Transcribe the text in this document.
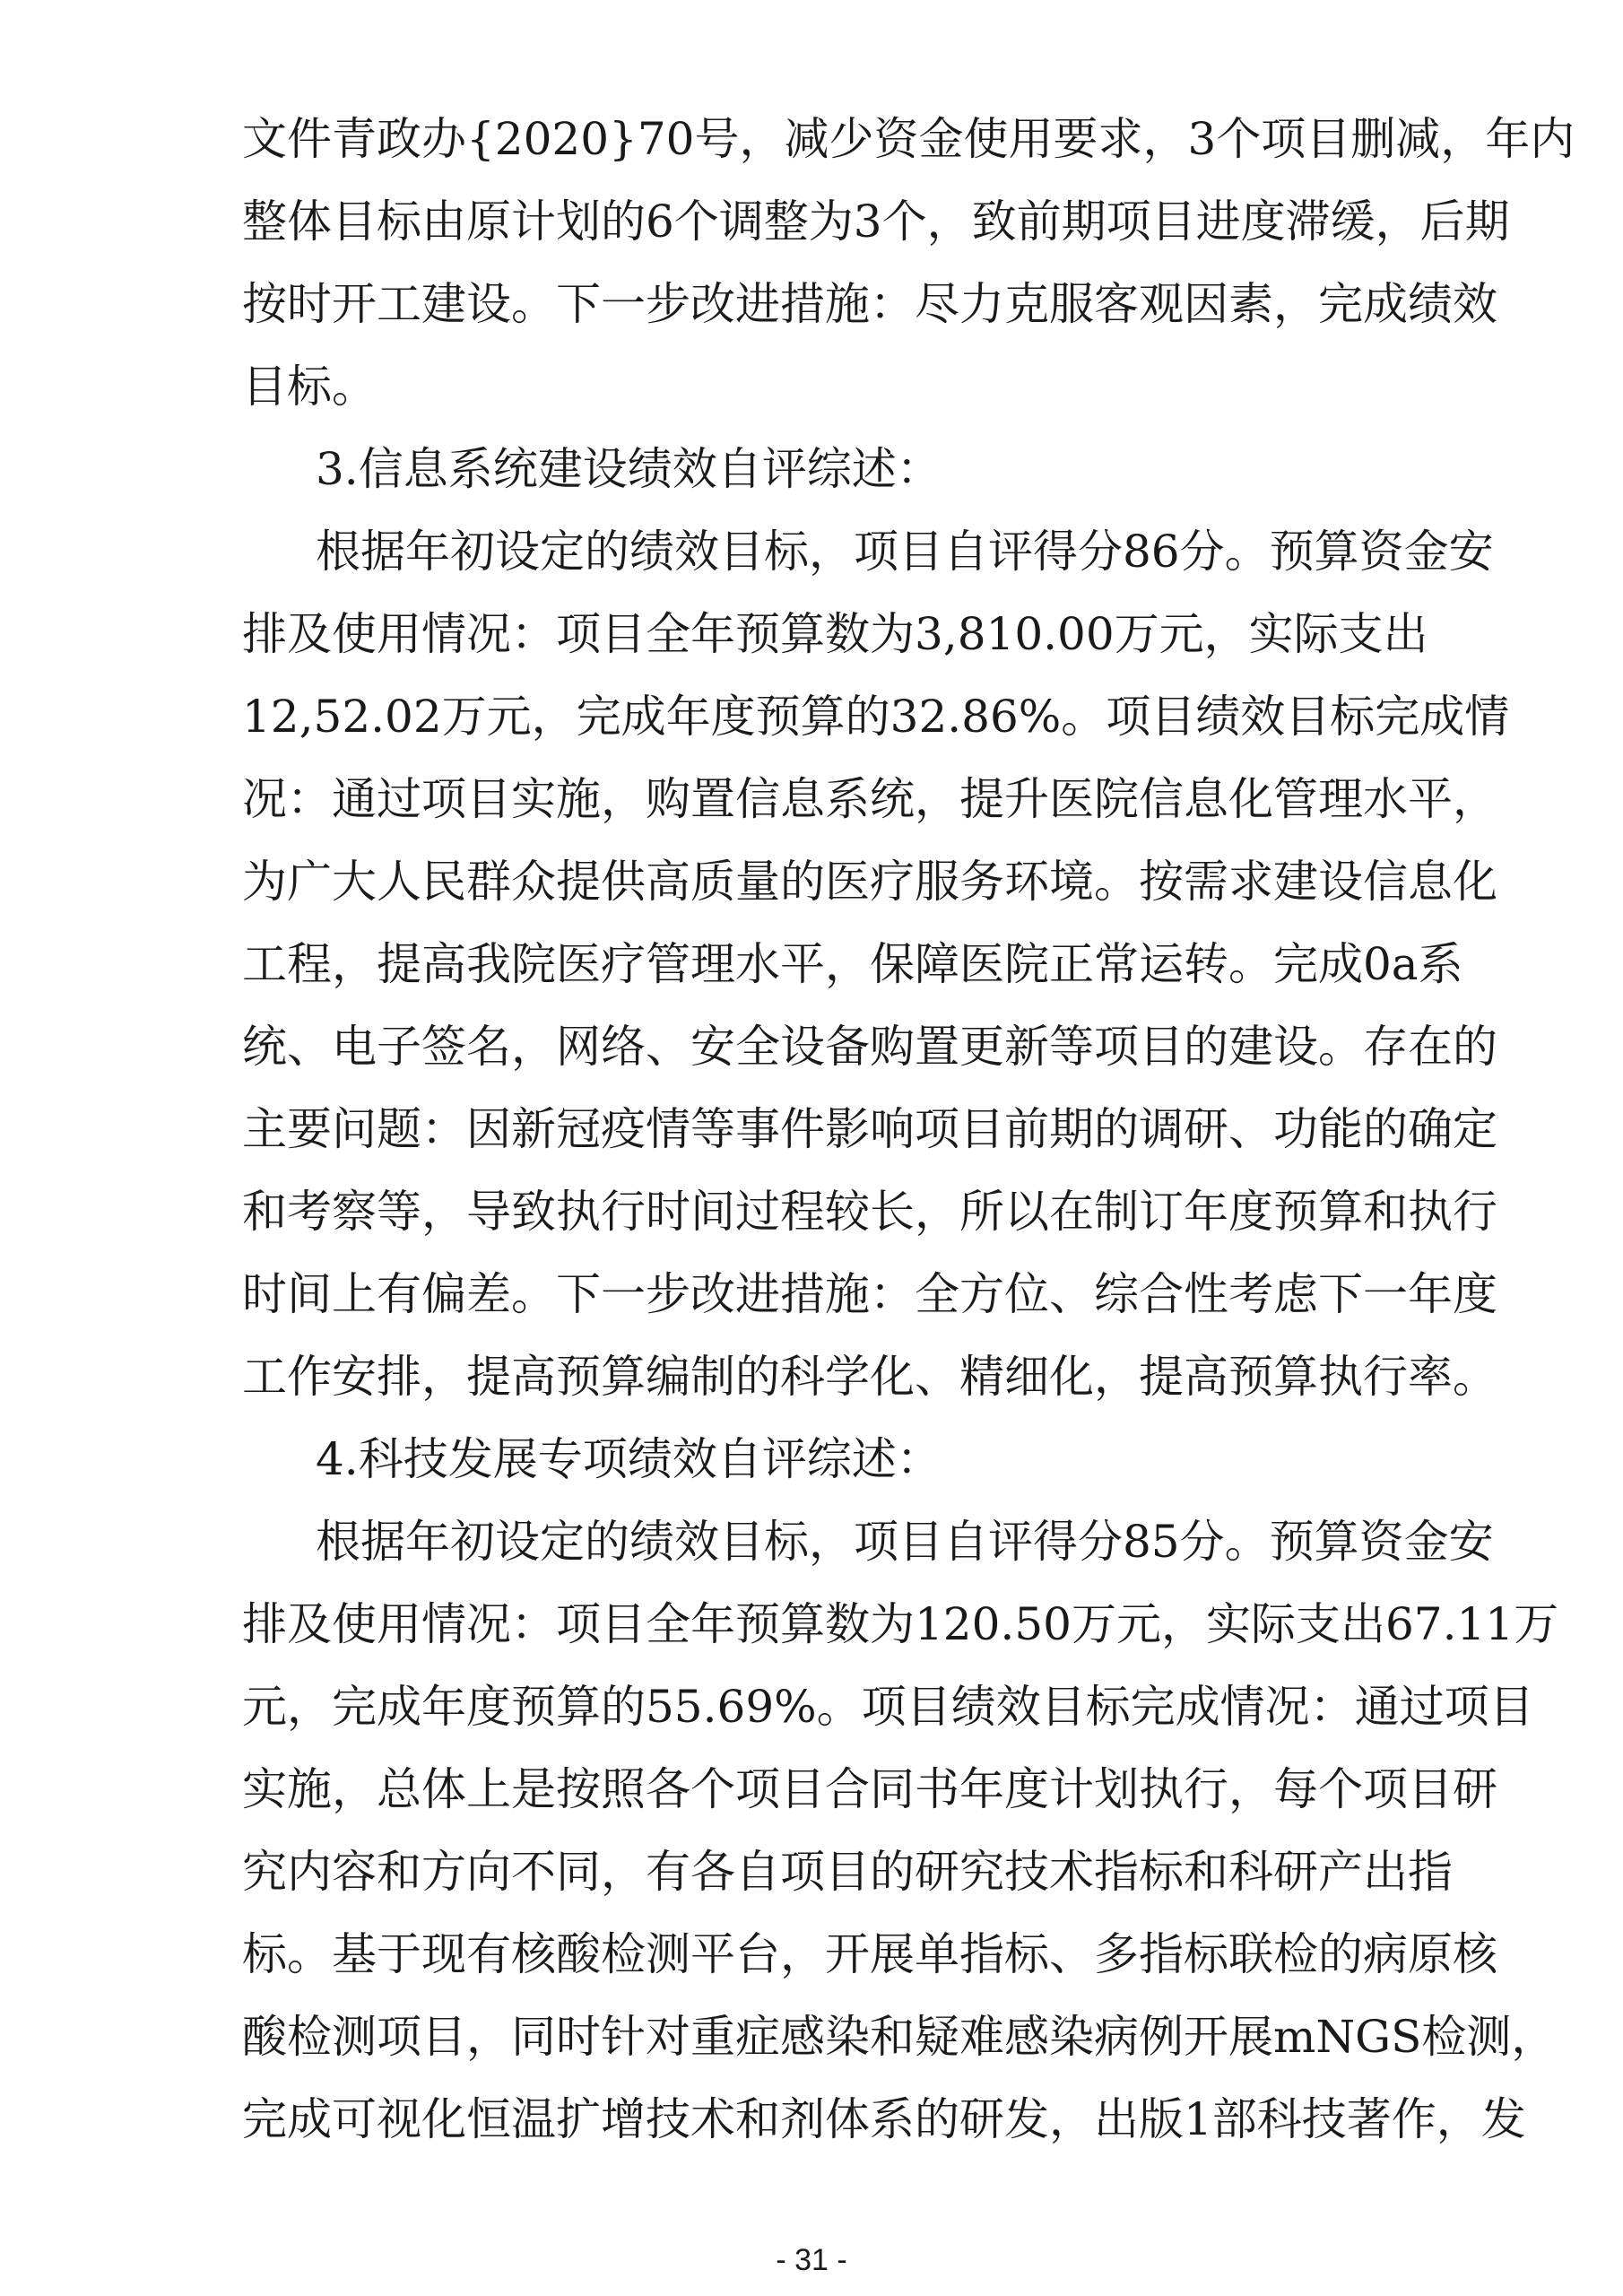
文件青政办{2020}70号，减少资金使用要求，3个项目删减，年内
整体目标由原计划的6个调整为3个，致前期项目进度滞缓，后期
按时开工建设。下一步改进措施：尽力克服客观因素，完成绩效
目标。
3.信息系统建设绩效自评综述：
根据年初设定的绩效目标，项目自评得分86分。预算资金安
排及使用情况：项目全年预算数为3,810.00万元，实际支出
12,52.02万元，完成年度预算的32.86%。项目绩效目标完成情
况：通过项目实施，购置信息系统，提升医院信息化管理水平，
为广大人民群众提供高质量的医疗服务环境。按需求建设信息化
工程，提高我院医疗管理水平，保障医院正常运转。完成0a系
统、电子签名，网络、安全设备购置更新等项目的建设。存在的
主要问题：因新冠疫情等事件影响项目前期的调研、功能的确定
和考察等，导致执行时间过程较长，所以在制订年度预算和执行
时间上有偏差。下一步改进措施：全方位、综合性考虑下一年度
工作安排，提高预算编制的科学化、精细化，提高预算执行率。
4.科技发展专项绩效自评综述：
根据年初设定的绩效目标，项目自评得分85分。预算资金安
排及使用情况：项目全年预算数为120.50万元，实际支出67.11万
元，完成年度预算的55.69%。项目绩效目标完成情况：通过项目
实施，总体上是按照各个项目合同书年度计划执行，每个项目研
究内容和方向不同，有各自项目的研究技术指标和科研产出指
标。基于现有核酸检测平台，开展单指标、多指标联检的病原核
酸检测项目，同时针对重症感染和疑难感染病例开展mNGS检测，
完成可视化恒温扩增技术和剂体系的研发，出版1部科技著作，发
- 31 -
